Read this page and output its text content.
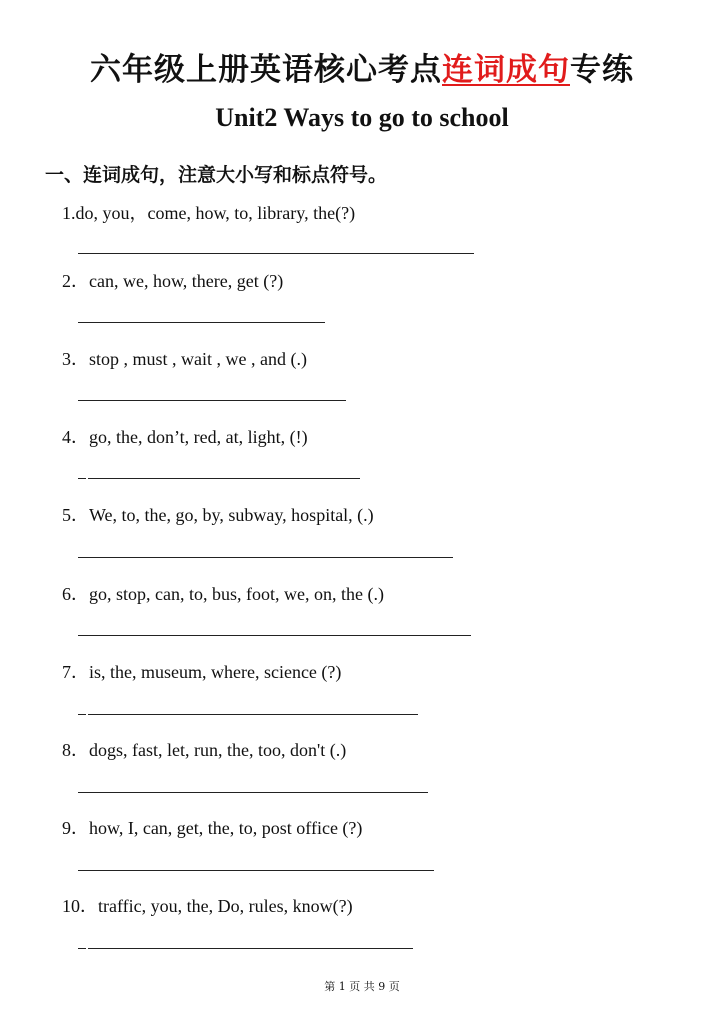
六年级上册英语核心考点连词成句专练
Unit2 Ways to go to school
一、连词成句，注意大小写和标点符号。
1.do, you，come, how, to, library, the(?)
2．can, we, how, there, get (?)
3．stop , must , wait , we , and (.)
4．go, the, don’t, red, at, light, (!)
5．We, to, the, go, by, subway, hospital, (.)
6．go, stop, can, to, bus, foot, we, on, the (.)
7．is, the, museum, where, science (?)
8．dogs, fast, let, run, the, too, don't (.)
9．how, I, can, get, the, to, post office (?)
10．traffic, you, the, Do, rules, know(?)
第 1 页 共 9 页
